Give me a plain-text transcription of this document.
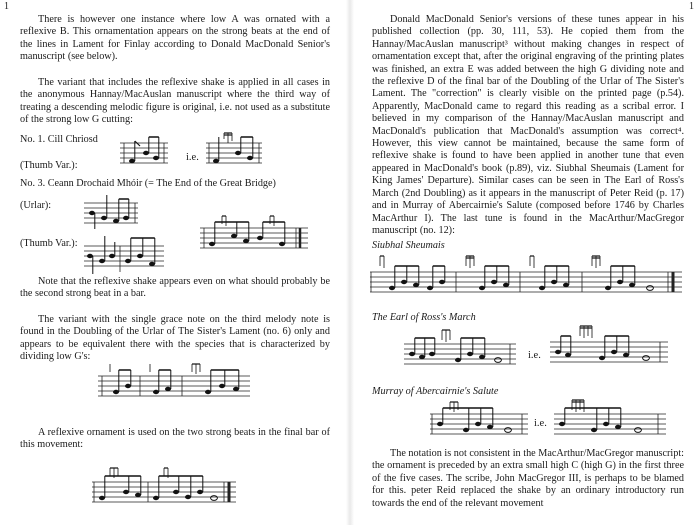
1

There is however one instance where low A was ornated with a reflexive B. This ornamentation appears on the strong beats at the end of the lines in Lament for Finlay according to Donald MacDonald Senior's manuscript (see below).

The variant that includes the reflexive shake is applied in all cases in the anonymous Hannay/MacAuslan manuscript where the third way of treating a descending melodic figure is original, i.e. not used as a substitute of the strong low G cutting:

No. 1. Cill Chriosd

(Thumb Var.):

i.e.

No. 3. Ceann Drochaid Mhóir (= The End of the Great Bridge)

(Urlar):

(Thumb Var.):

Note that the reflexive shake appears even on what should probably be the second strong beat in a bar.

The variant with the single grace note on the third melody note is found in the Doubling of the Urlar of The Sister's Lament (no. 6) only and appears to be equivalent there with the species that is characterized by dividing low G's:

A reflexive ornament is used on the two strong beats in the final bar of this movement:

1

Donald MacDonald Senior's versions of these tunes appear in his published collection (pp. 30, 111, 53). He copied them from the Hannay/MacAuslan manuscript³ without making changes in respect of ornamentation except that, after the original engraving of the printing plates was finished, an extra E was added between the high G dividing note and the reflexive D of the final bar of the Doubling of the Urlar of The Sister's Lament. The "correction" is clearly visible on the printed page (p.54). Apparently, MacDonald came to regard this reading as a scribal error. I believed in my comparison of the Hannay/MacAuslan manuscript and MacDonald's publication that MacDonald's assumption was correct⁴. However, this view cannot be maintained, because the same form of reflexive shake is found to have been applied in another tune that even appeared in MacDonald's book (p.89), viz. Siubhal Sheumais (Lament for King James' Departure). Similar cases can be seen in The Earl of Ross's March (2nd Doubling) as it appears in the manuscript of Peter Reid (p. 17) and in Murray of Abercairnie's Salute (composed before 1746 by Charles MacArthur I). The last tune is found in the MacArthur/MacGregor manuscript (no. 12):

Siubhal Sheumais

The Earl of Ross's March

i.e.

Murray of Abercairnie's Salute

i.e.

The notation is not consistent in the MacArthur/MacGregor manuscript: the ornament is preceded by an extra small high C (high G) in the first three of the five cases. The scribe, John MacGregor III, is perhaps to be blamed for this. peter Reid replaced the shake by an ordinary introductory run towards the end of the relevant movement
